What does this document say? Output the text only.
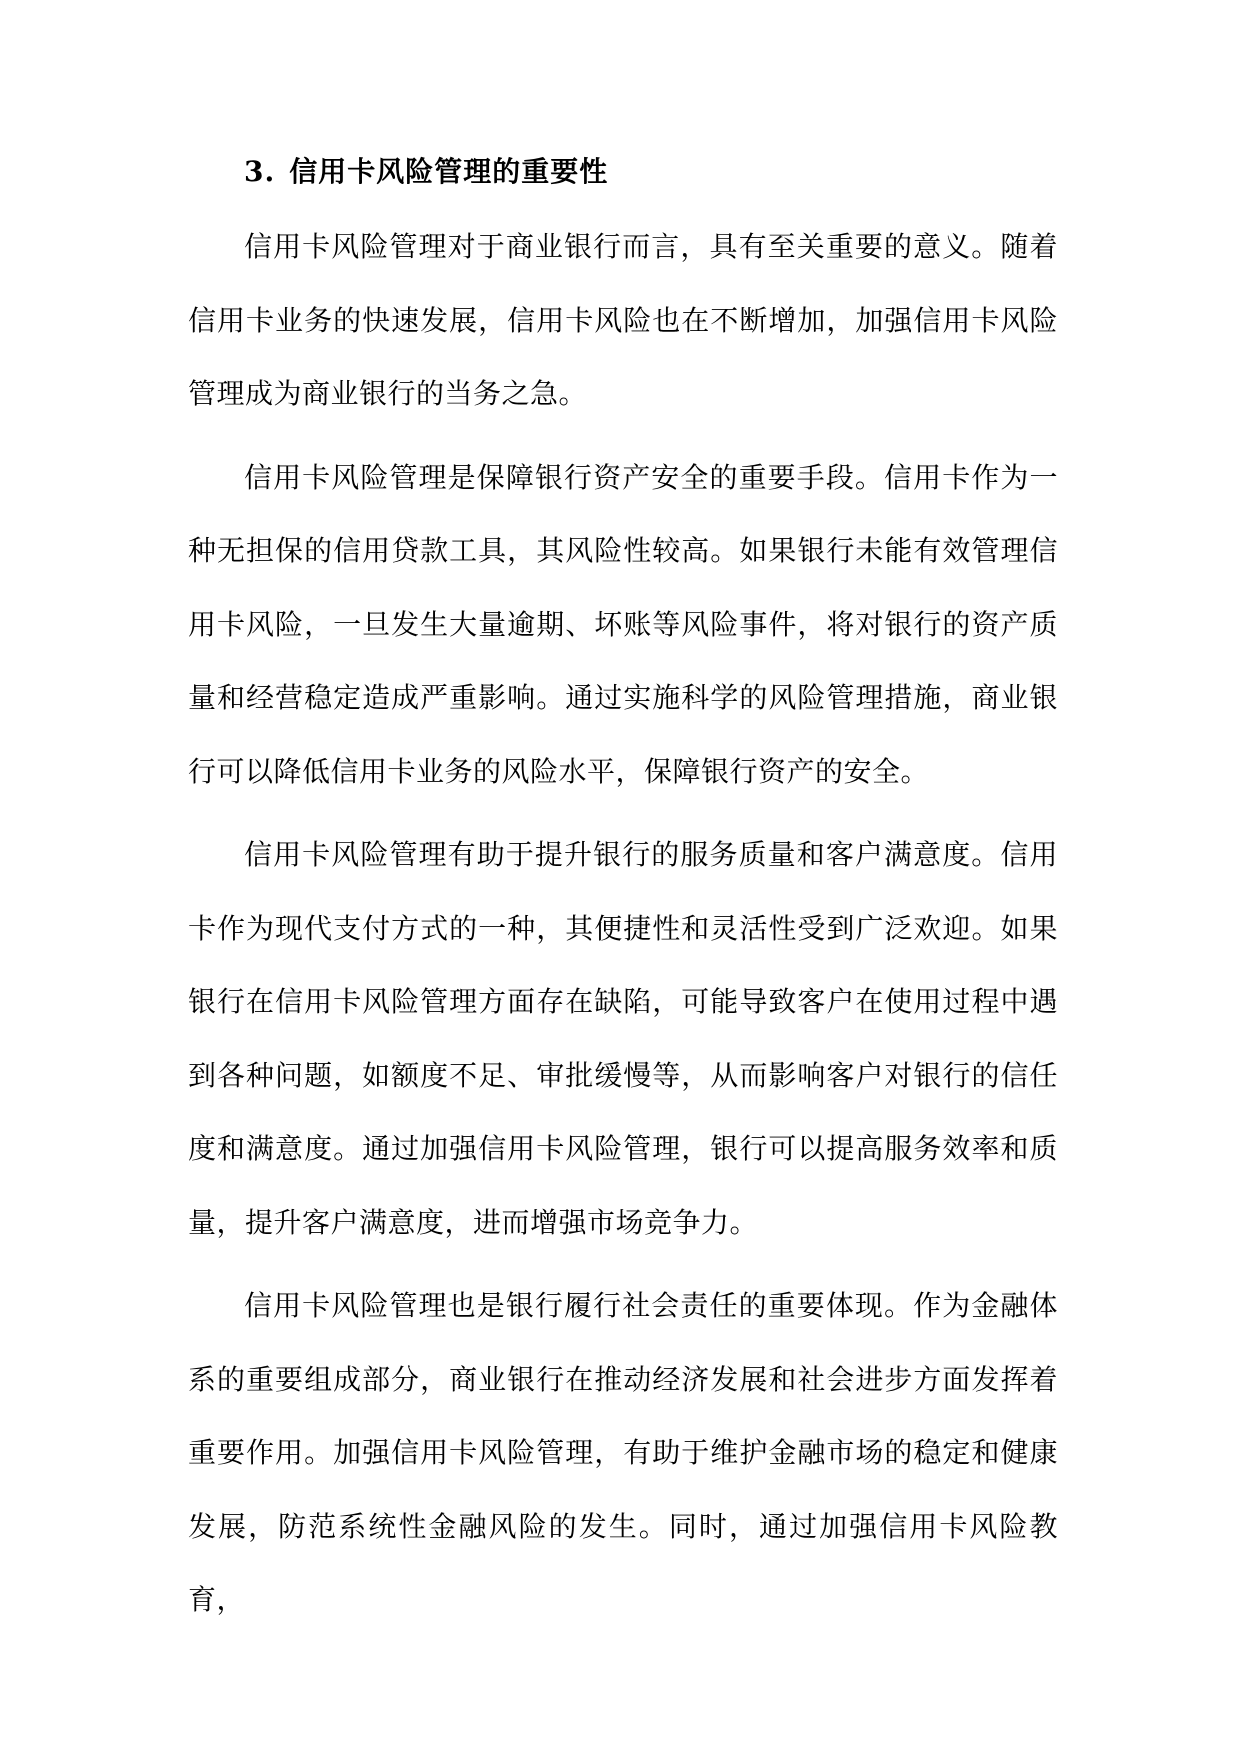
3. 信用卡风险管理的重要性

信用卡风险管理对于商业银行而言，具有至关重要的意义。随着信用卡业务的快速发展，信用卡风险也在不断增加，加强信用卡风险管理成为商业银行的当务之急。

信用卡风险管理是保障银行资产安全的重要手段。信用卡作为一种无担保的信用贷款工具，其风险性较高。如果银行未能有效管理信用卡风险，一旦发生大量逾期、坏账等风险事件，将对银行的资产质量和经营稳定造成严重影响。通过实施科学的风险管理措施，商业银行可以降低信用卡业务的风险水平，保障银行资产的安全。

信用卡风险管理有助于提升银行的服务质量和客户满意度。信用卡作为现代支付方式的一种，其便捷性和灵活性受到广泛欢迎。如果银行在信用卡风险管理方面存在缺陷，可能导致客户在使用过程中遇到各种问题，如额度不足、审批缓慢等，从而影响客户对银行的信任度和满意度。通过加强信用卡风险管理，银行可以提高服务效率和质量，提升客户满意度，进而增强市场竞争力。

信用卡风险管理也是银行履行社会责任的重要体现。作为金融体系的重要组成部分，商业银行在推动经济发展和社会进步方面发挥着重要作用。加强信用卡风险管理，有助于维护金融市场的稳定和健康发展，防范系统性金融风险的发生。同时，通过加强信用卡风险教育，
